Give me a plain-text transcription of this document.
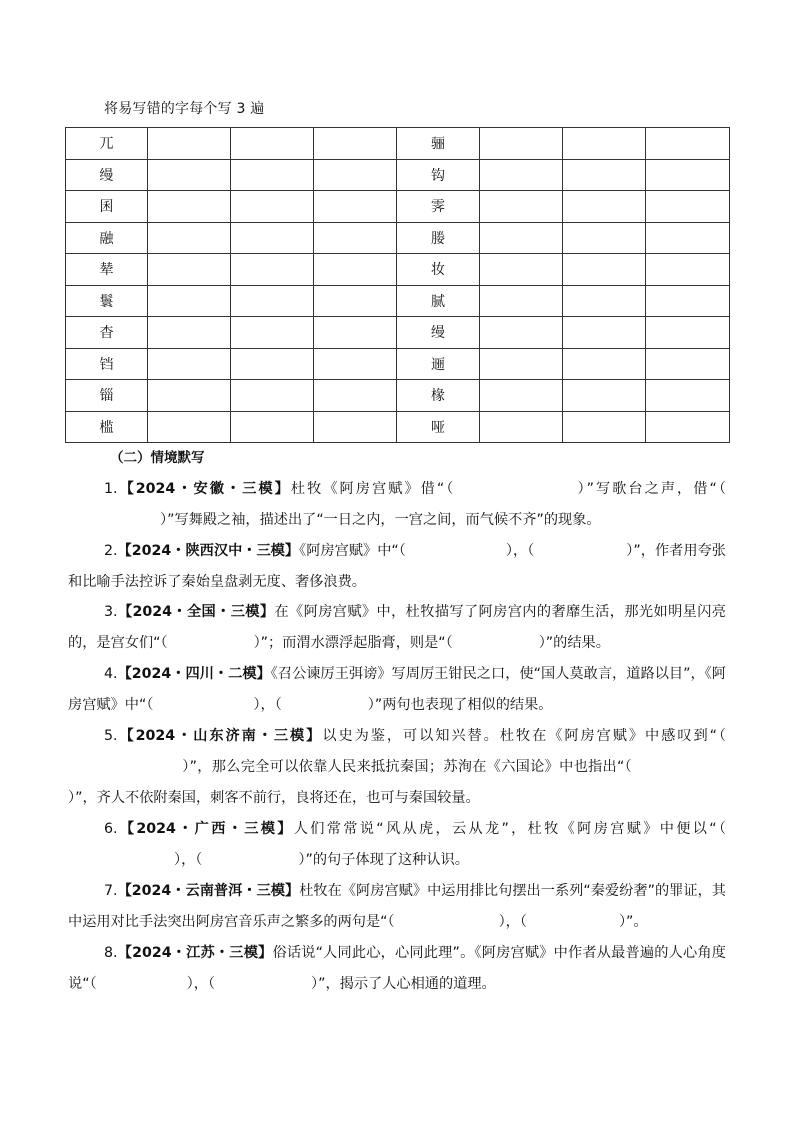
将易写错的字每个写 3 遍
兀				骊			
缦				钩			
囷				霁			
融				媵			
辇				妆			
鬟				腻			
杳				缦			
铛				逦			
锱				椽			
槛				哑			
（二）情境默写

1.【2024・安徽・三模】杜牧《阿房宫赋》借“（	）”写歌台之声，借“（）”写舞殿之袖，描述出了“一日之内，一宫之间，而气候不齐”的现象。

2.【2024・陕西汉中・三模】《阿房宫赋》中“（	），（	）”，作者用夸张和比喻手法控诉了秦始皇盘剥无度、奢侈浪费。

3.【2024・全国・三模】在《阿房宫赋》中，杜牧描写了阿房宫内的奢靡生活，那光如明星闪亮的，是宫女们“（	）”；而渭水漂浮起脂膏，则是“（	）”的结果。

4.【2024・四川・二模】《召公谏厉王弭谤》写周厉王钳民之口，使“国人莫敢言，道路以目”，《阿房宫赋》中“（	），（	）”两句也表现了相似的结果。

5.【2024・山东济南・三模】以史为鉴，可以知兴替。杜牧在《阿房宫赋》中感叹到“（）”，那么完全可以依靠人民来抵抗秦国；苏洵在《六国论》中也指出“（）”，齐人不依附秦国，刺客不前行，良将还在，也可与秦国较量。

6.【2024・广西・三模】人们常常说“风从虎，云从龙”，杜牧《阿房宫赋》中便以“（），（	）”的句子体现了这种认识。

7.【2024・云南普洱・三模】杜牧在《阿房宫赋》中运用排比句摆出一系列“秦爱纷奢”的罪证，其中运用对比手法突出阿房宫音乐声之繁多的两句是“（	），（	）”。

8.【2024・江苏・三模】俗话说“人同此心，心同此理”。《阿房宫赋》中作者从最普遍的人心角度说“（	），（	）”，揭示了人心相通的道理。
